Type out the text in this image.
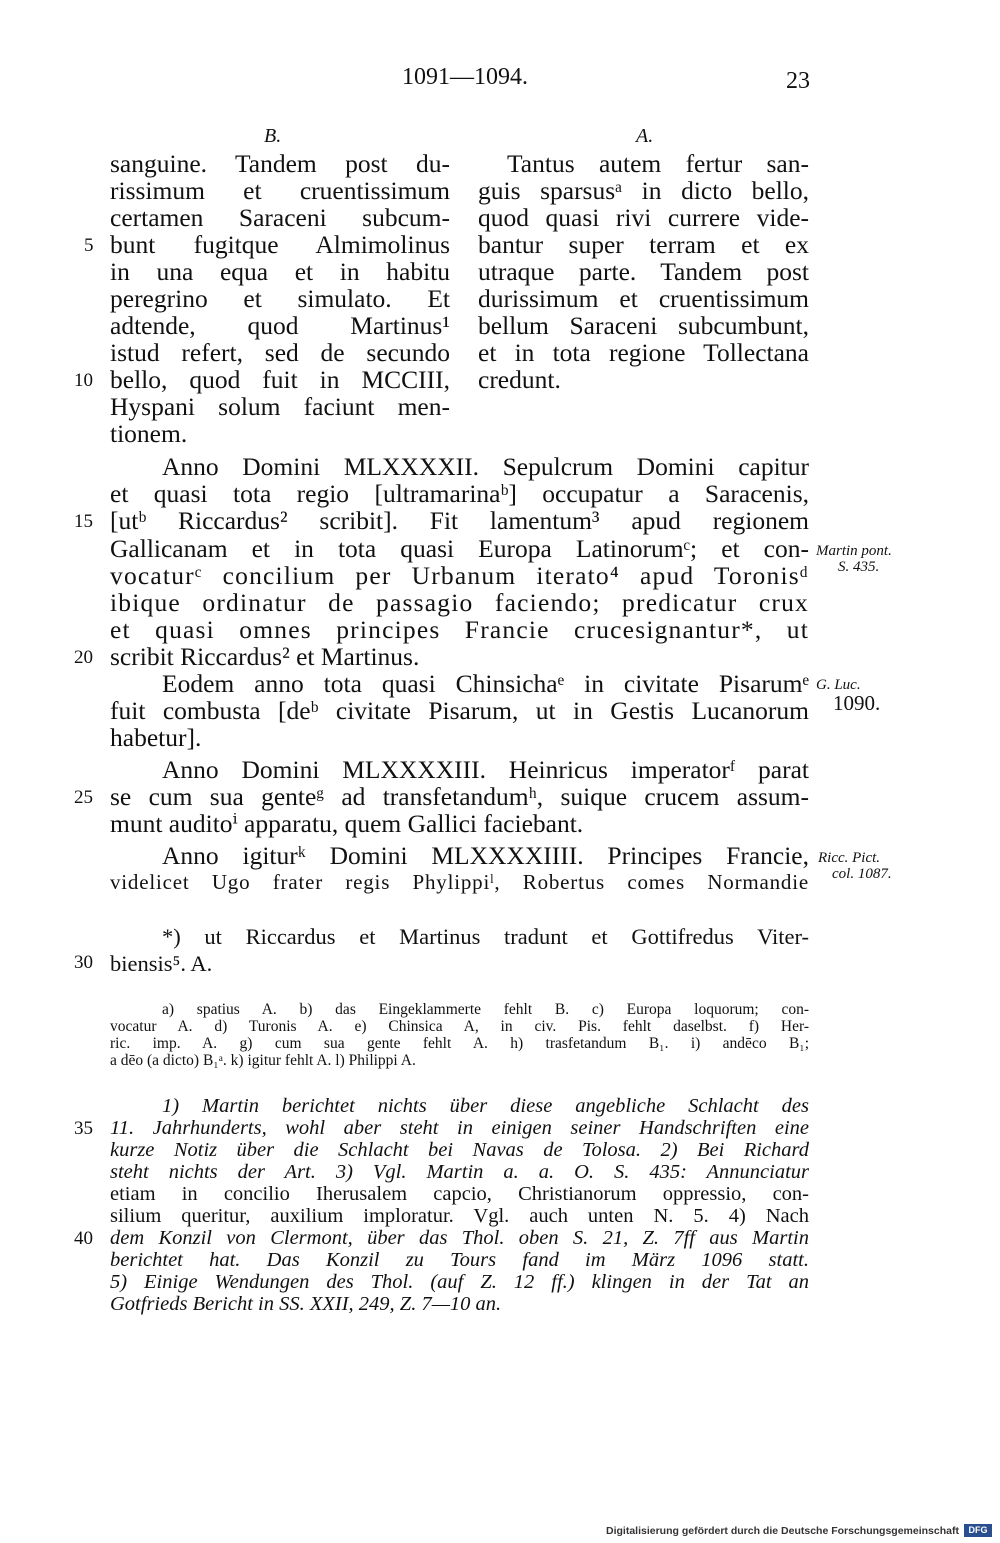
1091—1094.	23
B.	A.
sanguine. Tandem post du-
rissimum et cruentissimum
certamen Saraceni subcum-
bunt fugitque Almimolinus
in una equa et in habitu
peregrino et simulato. Et
adtende, quod Martinus¹
istud refert, sed de secundo
bello, quod fuit in MCCIII,
Hyspani solum faciunt men-
tionem.
Tantus autem fertur san-
guis sparsusᵃ in dicto bello,
quod quasi rivi currere vide-
bantur super terram et ex
utraque parte. Tandem post
durissimum et cruentissimum
bellum Saraceni subcumbunt,
et in tota regione Tollectana
credunt.
Anno Domini MLXXXXII. Sepulcrum Domini capitur
et quasi tota regio [ultramarinaᵇ] occupatur a Saracenis,
[utᵇ Riccardus² scribit]. Fit lamentum³ apud regionem
Gallicanam et in tota quasi Europa Latinorumᶜ; et con-
vocaturᶜ concilium per Urbanum iterato⁴ apud Toronisᵈ
ibique ordinatur de passagio faciendo; predicatur crux
et quasi omnes principes Francie crucesignantur*, ut
scribit Riccardus² et Martinus.
Eodem anno tota quasi Chinsichaᵉ in civitate Pisarumᵉ
fuit combusta [deᵇ civitate Pisarum, ut in Gestis Lucanorum
habetur].
Anno Domini MLXXXXIII. Heinricus imperatorᶠ parat
se cum sua genteᵍ ad transfetandumʰ, suique crucem assum-
munt auditoⁱ apparatu, quem Gallici faciebant.
Anno igiturᵏ Domini MLXXXXIIII. Principes Francie,
videlicet Ugo frater regis Phylippiˡ, Robertus comes Normandie
5
10
15
20
25
30
35
40
Martin pont.
S. 435.
G. Luc.
1090.
Ricc. Pict.
col. 1087.
*) ut Riccardus et Martinus tradunt et Gottifredus Viter-
biensis⁵. A.
a) spatius A. b) das Eingeklammerte fehlt B. c) Europa loquorum; con-
vocatur A. d) Turonis A. e) Chinsica A, in civ. Pis. fehlt daselbst. f) Her-
ric. imp. A. g) cum sua gente fehlt A. h) trasfetandum B₁. i) andēco B₁;
a dēo (a dicto) B₁ᵃ. k) igitur fehlt A. l) Philippi A.
1) Martin berichtet nichts über diese angebliche Schlacht des
11. Jahrhunderts, wohl aber steht in einigen seiner Handschriften eine
kurze Notiz über die Schlacht bei Navas de Tolosa. 2) Bei Richard
steht nichts der Art. 3) Vgl. Martin a. a. O. S. 435: Annunciatur
etiam in concilio Iherusalem capcio, Christianorum oppressio, con-
silium queritur, auxilium imploratur. Vgl. auch unten N. 5. 4) Nach
dem Konzil von Clermont, über das Thol. oben S. 21, Z. 7ff aus Martin
berichtet hat. Das Konzil zu Tours fand im März 1096 statt.
5) Einige Wendungen des Thol. (auf Z. 12 ff.) klingen in der Tat an
Gotfrieds Bericht in SS. XXII, 249, Z. 7—10 an.
Digitalisierung gefördert durch die Deutsche Forschungsgemeinschaft	DFG
